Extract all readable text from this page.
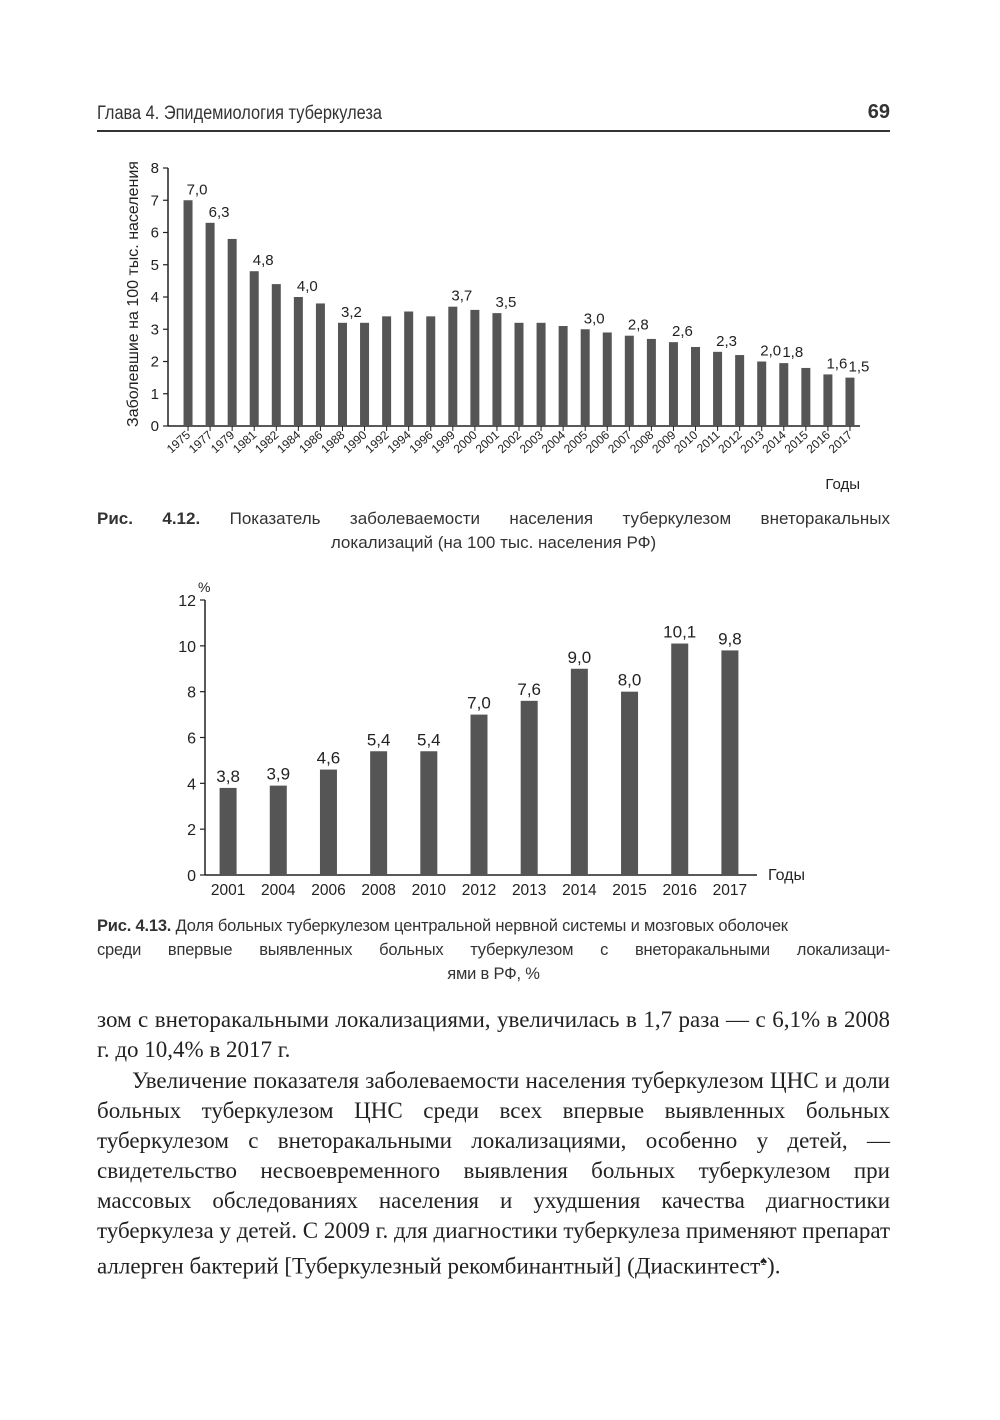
Глава 4. Эпидемиология туберкулеза	69
0
1
2
3
4
5
6
7
8
Заболевшие на 100 тыс. населения
1975
7,0
1977
6,3
1979
1981
4,8
1982
1984
4,0
1986
1988
3,2
1990
1992
1994
1996
1999
3,7
2000
2001
3,5
2002
2003
2004
2005
3,0
2006
2007
2,8
2008
2009
2,6
2010
2011
2,3
2012
2013
2,0
2014
1,8
2015
2016
1,6
2017
1,5
Годы
Рис. 4.12. Показатель заболеваемости населения туберкулезом внеторакальных
локализаций (на 100 тыс. населения РФ)
0
2
4
6
8
10
12
%
2001
3,8
2004
3,9
2006
4,6
2008
5,4
2010
5,4
2012
7,0
2013
7,6
2014
9,0
2015
8,0
2016
10,1
2017
9,8
Годы
Рис. 4.13. Доля больных туберкулезом центральной нервной системы и мозговых оболочек
среди впервые выявленных больных туберкулезом с внеторакальными локализаци-
ями в РФ, %
зом с внеторакальными локализациями, увеличилась в 1,7 раза — с 6,1% в 2008 г. до 10,4% в 2017 г.
Увеличение показателя заболеваемости населения туберкулезом ЦНС и доли больных туберкулезом ЦНС среди всех впервые выявленных больных туберкулезом с внеторакальными локализациями, особенно у детей, — свидетельство несвоевременного выявления больных туберкулезом при массовых обследованиях населения и ухудшения качества диагностики туберкулеза у детей. С 2009 г. для диагностики туберкулеза применяют препарат аллерген бактерий [Туберкулезный рекомбинантный] (Диаскинтест♠).
